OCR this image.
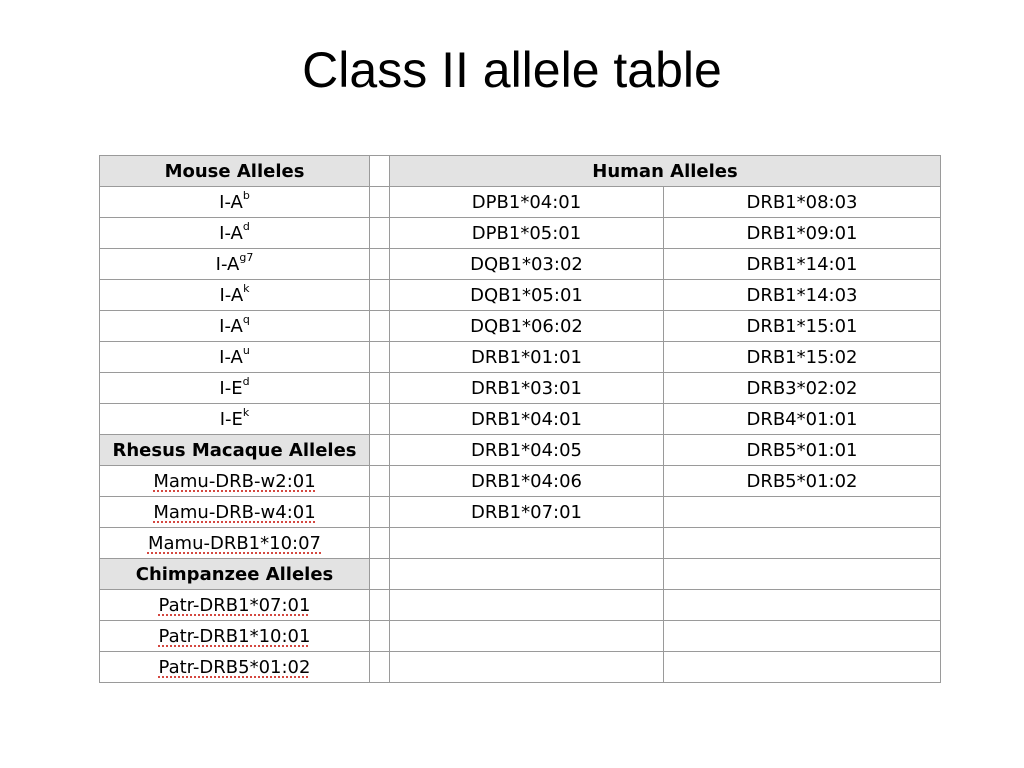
Class II allele table
Mouse Alleles		Human Alleles	
$I-A^b$		DPB1*04:01	DRB1*08:03
$I-A^d$		DPB1*05:01	DRB1*09:01
$I-A^{g7}$		DQB1*03:02	DRB1*14:01
$I-A^k$		DQB1*05:01	DRB1*14:03
$I-A^q$		DQB1*06:02	DRB1*15:01
$I-A^u$		DRB1*01:01	DRB1*15:02
$I-E^d$		DRB1*03:01	DRB3*02:02
$I-E^k$		DRB1*04:01	DRB4*01:01
Rhesus Macaque Alleles		DRB1*04:05	DRB5*01:01
Mamu-DRB-w2:01		DRB1*04:06	DRB5*01:02
Mamu-DRB-w4:01		DRB1*07:01	
Mamu-DRB1*10:07			
Chimpanzee Alleles			
Patr-DRB1*07:01			
Patr-DRB1*10:01			
Patr-DRB5*01:02			
